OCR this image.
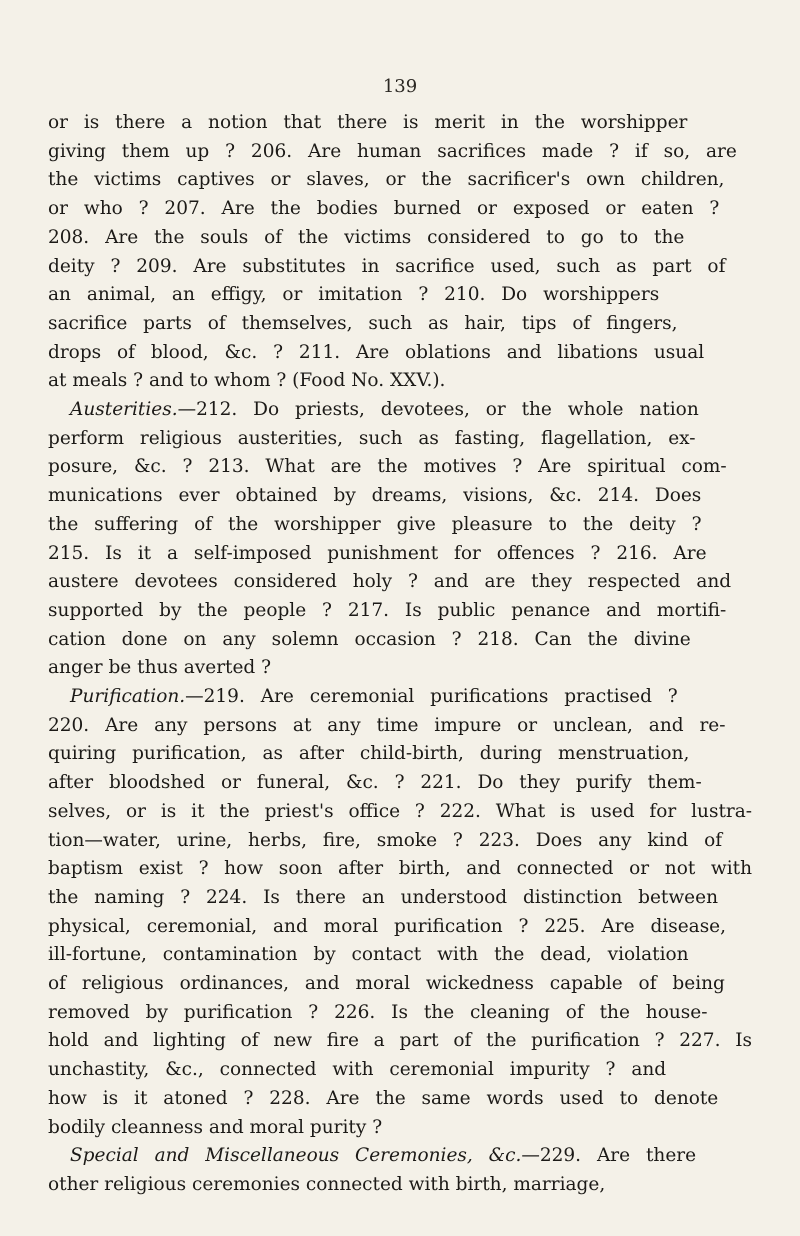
139
or is there a notion that there is merit in the worshipper
giving them up ? 206. Are human sacrifices made ? if so, are
the victims captives or slaves, or the sacrificer's own children,
or who ? 207. Are the bodies burned or exposed or eaten ?
208. Are the souls of the victims considered to go to the
deity ? 209. Are substitutes in sacrifice used, such as part of
an animal, an effigy, or imitation ? 210. Do worshippers
sacrifice parts of themselves, such as hair, tips of fingers,
drops of blood, &c. ? 211. Are oblations and libations usual
at meals ? and to whom ? (Food No. XXV.).
Austerities.—212. Do priests, devotees, or the whole nation
perform religious austerities, such as fasting, flagellation, ex-
posure, &c. ? 213. What are the motives ? Are spiritual com-
munications ever obtained by dreams, visions, &c. 214. Does
the suffering of the worshipper give pleasure to the deity ?
215. Is it a self-imposed punishment for offences ? 216. Are
austere devotees considered holy ? and are they respected and
supported by the people ? 217. Is public penance and mortifi-
cation done on any solemn occasion ? 218. Can the divine
anger be thus averted ?
Purification.—219. Are ceremonial purifications practised ?
220. Are any persons at any time impure or unclean, and re-
quiring purification, as after child-birth, during menstruation,
after bloodshed or funeral, &c. ? 221. Do they purify them-
selves, or is it the priest's office ? 222. What is used for lustra-
tion—water, urine, herbs, fire, smoke ? 223. Does any kind of
baptism exist ? how soon after birth, and connected or not with
the naming ? 224. Is there an understood distinction between
physical, ceremonial, and moral purification ? 225. Are disease,
ill-fortune, contamination by contact with the dead, violation
of religious ordinances, and moral wickedness capable of being
removed by purification ? 226. Is the cleaning of the house-
hold and lighting of new fire a part of the purification ? 227. Is
unchastity, &c., connected with ceremonial impurity ? and
how is it atoned ? 228. Are the same words used to denote
bodily cleanness and moral purity ?
Special and Miscellaneous Ceremonies, &c.—229. Are there
other religious ceremonies connected with birth, marriage,
